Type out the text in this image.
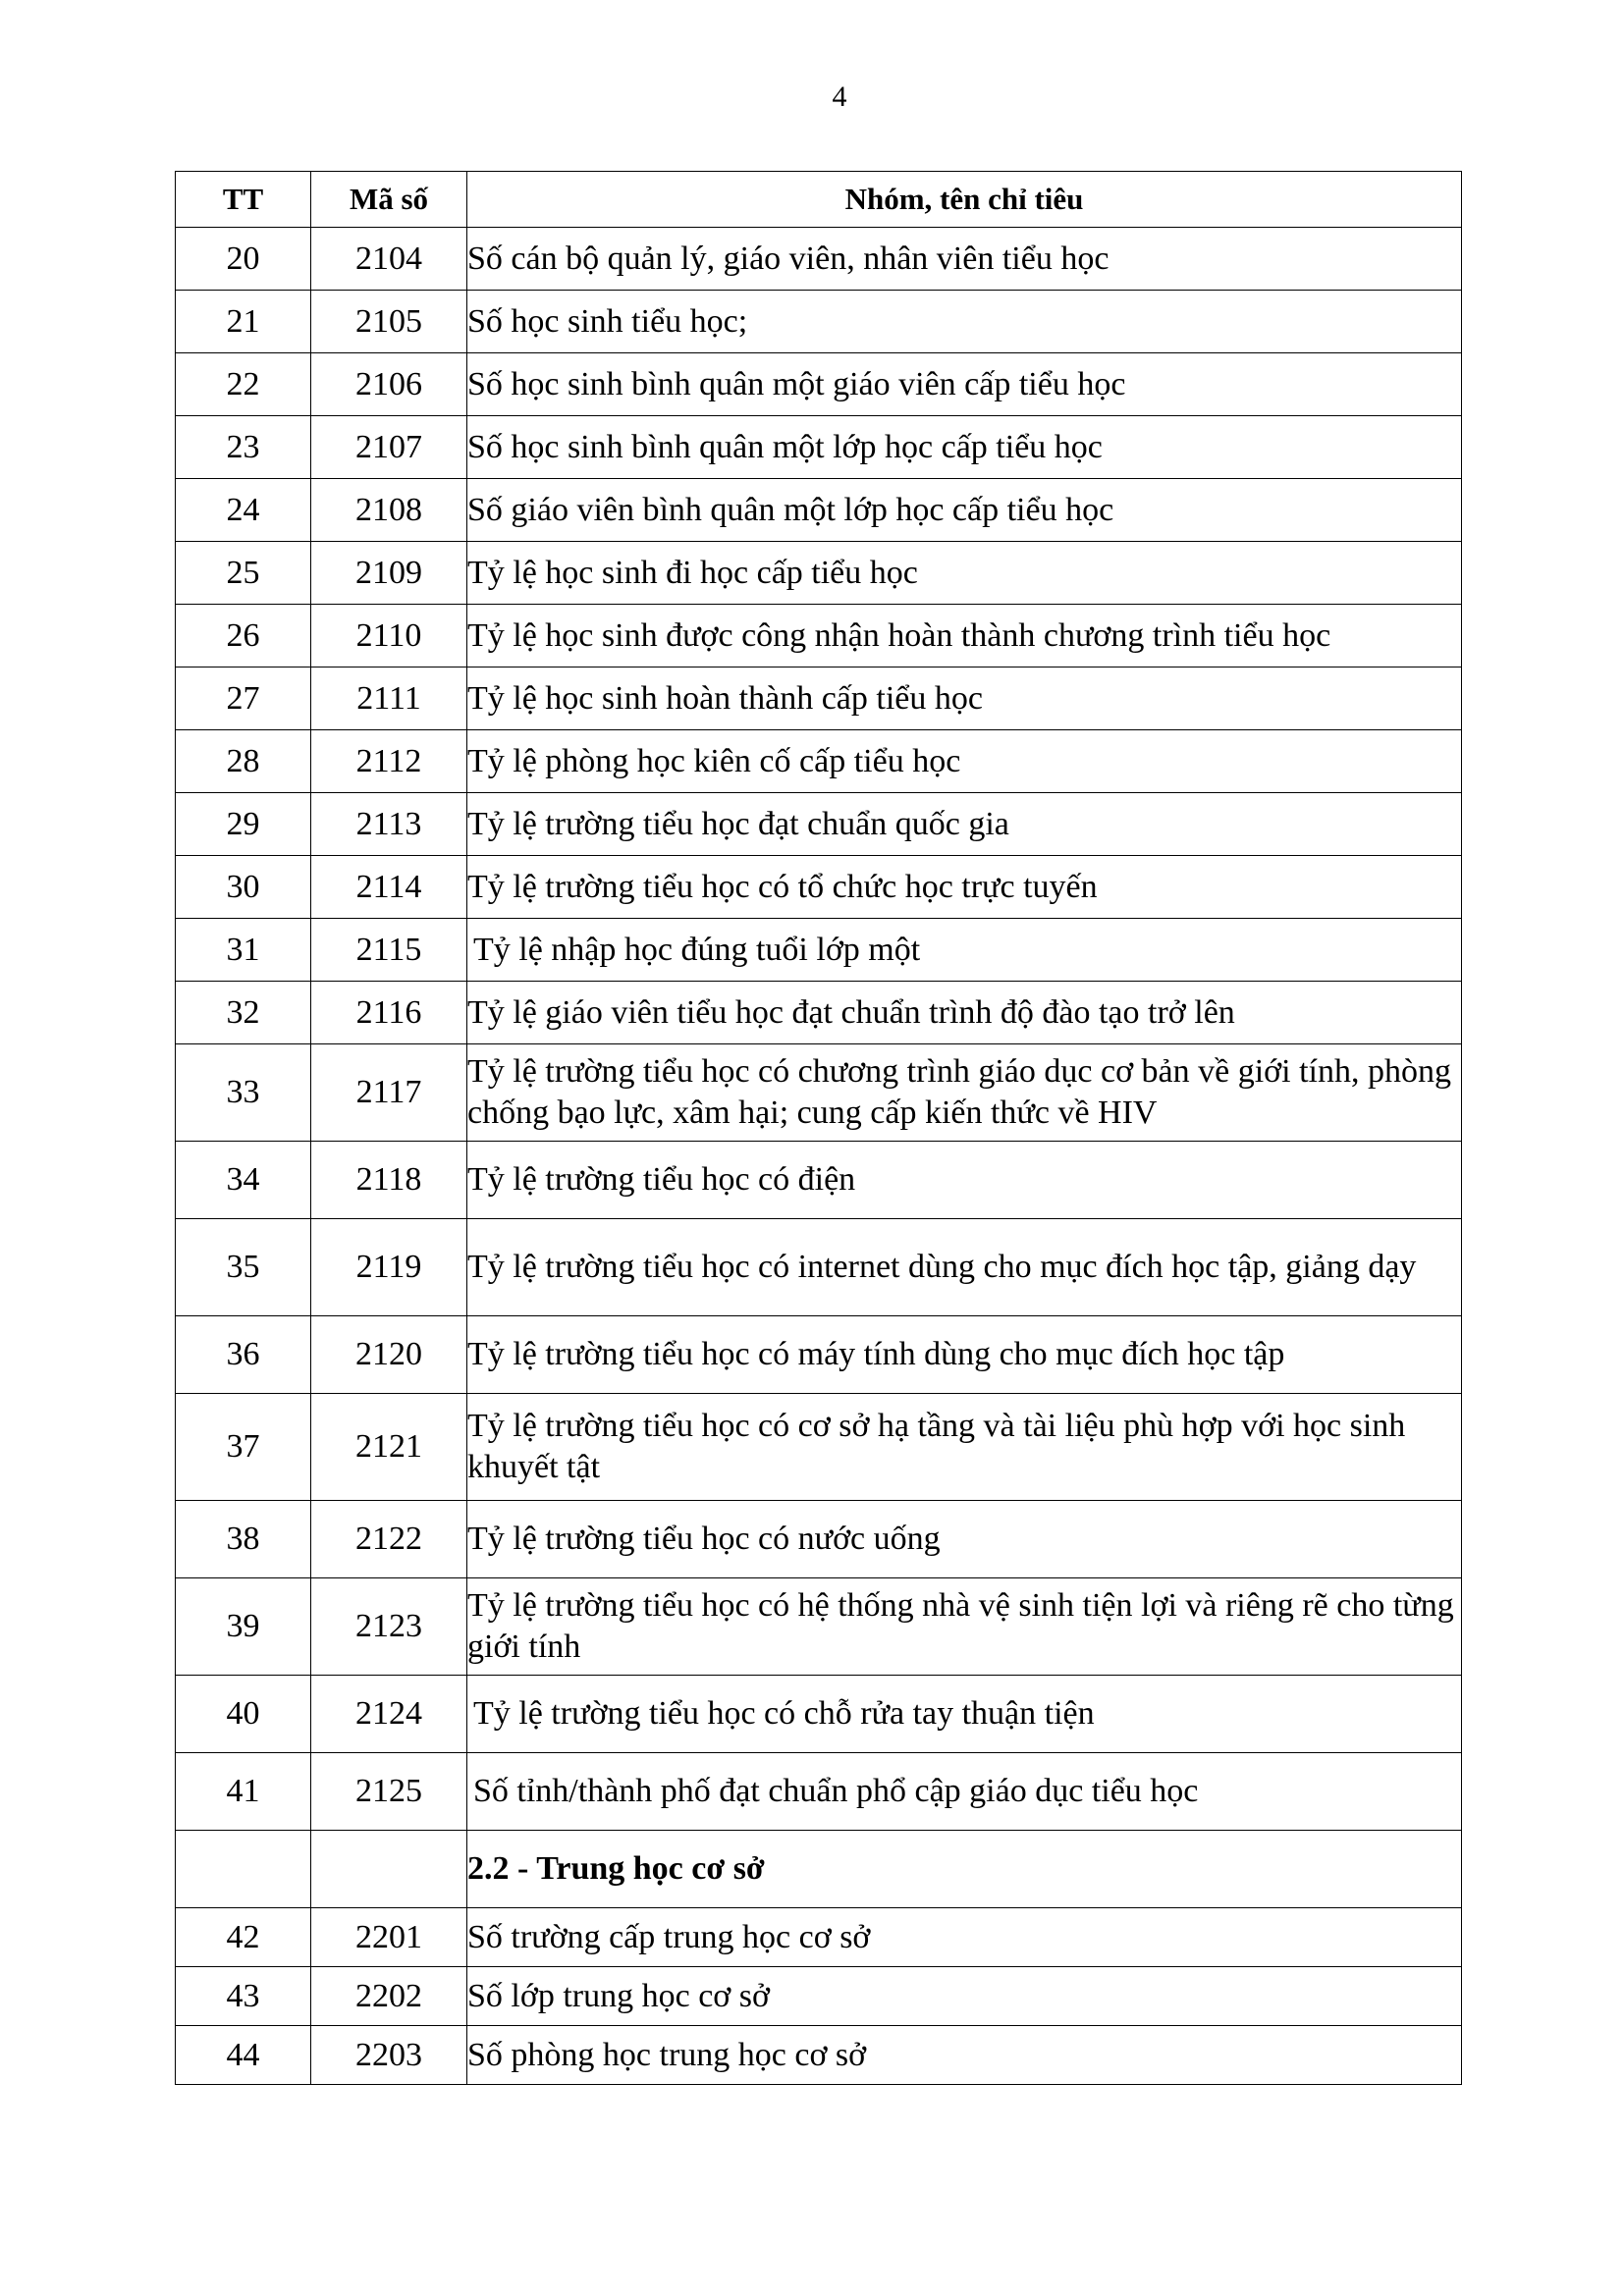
4
TT	Mã số	Nhóm, tên chỉ tiêu
20	2104	Số cán bộ quản lý, giáo viên, nhân viên tiểu học
21	2105	Số học sinh tiểu học;
22	2106	Số học sinh bình quân một giáo viên cấp tiểu học
23	2107	Số học sinh bình quân một lớp học cấp tiểu học
24	2108	Số giáo viên bình quân một lớp học cấp tiểu học
25	2109	Tỷ lệ học sinh đi học cấp tiểu học
26	2110	Tỷ lệ học sinh được công nhận hoàn thành chương trình tiểu học
27	2111	Tỷ lệ học sinh hoàn thành cấp tiểu học
28	2112	Tỷ lệ phòng học kiên cố cấp tiểu học
29	2113	Tỷ lệ trường tiểu học đạt chuẩn quốc gia
30	2114	Tỷ lệ trường tiểu học có tổ chức học trực tuyến
31	2115	Tỷ lệ nhập học đúng tuổi lớp một
32	2116	Tỷ lệ giáo viên tiểu học đạt chuẩn trình độ đào tạo trở lên
33	2117	Tỷ lệ trường tiểu học có chương trình giáo dục cơ bản về giới tính, phòng chống bạo lực, xâm hại; cung cấp kiến thức về HIV
34	2118	Tỷ lệ trường tiểu học có điện
35	2119	Tỷ lệ trường tiểu học có internet dùng cho mục đích học tập, giảng dạy
36	2120	Tỷ lệ trường tiểu học có máy tính dùng cho mục đích học tập
37	2121	Tỷ lệ trường tiểu học có cơ sở hạ tầng và tài liệu phù hợp với học sinh khuyết tật
38	2122	Tỷ lệ trường tiểu học có nước uống
39	2123	Tỷ lệ trường tiểu học có hệ thống nhà vệ sinh tiện lợi và riêng rẽ cho từng giới tính
40	2124	Tỷ lệ trường tiểu học có chỗ rửa tay thuận tiện
41	2125	Số tỉnh/thành phố đạt chuẩn phổ cập giáo dục tiểu học
		2.2 - Trung học cơ sở
42	2201	Số trường cấp trung học cơ sở
43	2202	Số lớp trung học cơ sở
44	2203	Số phòng học trung học cơ sở
